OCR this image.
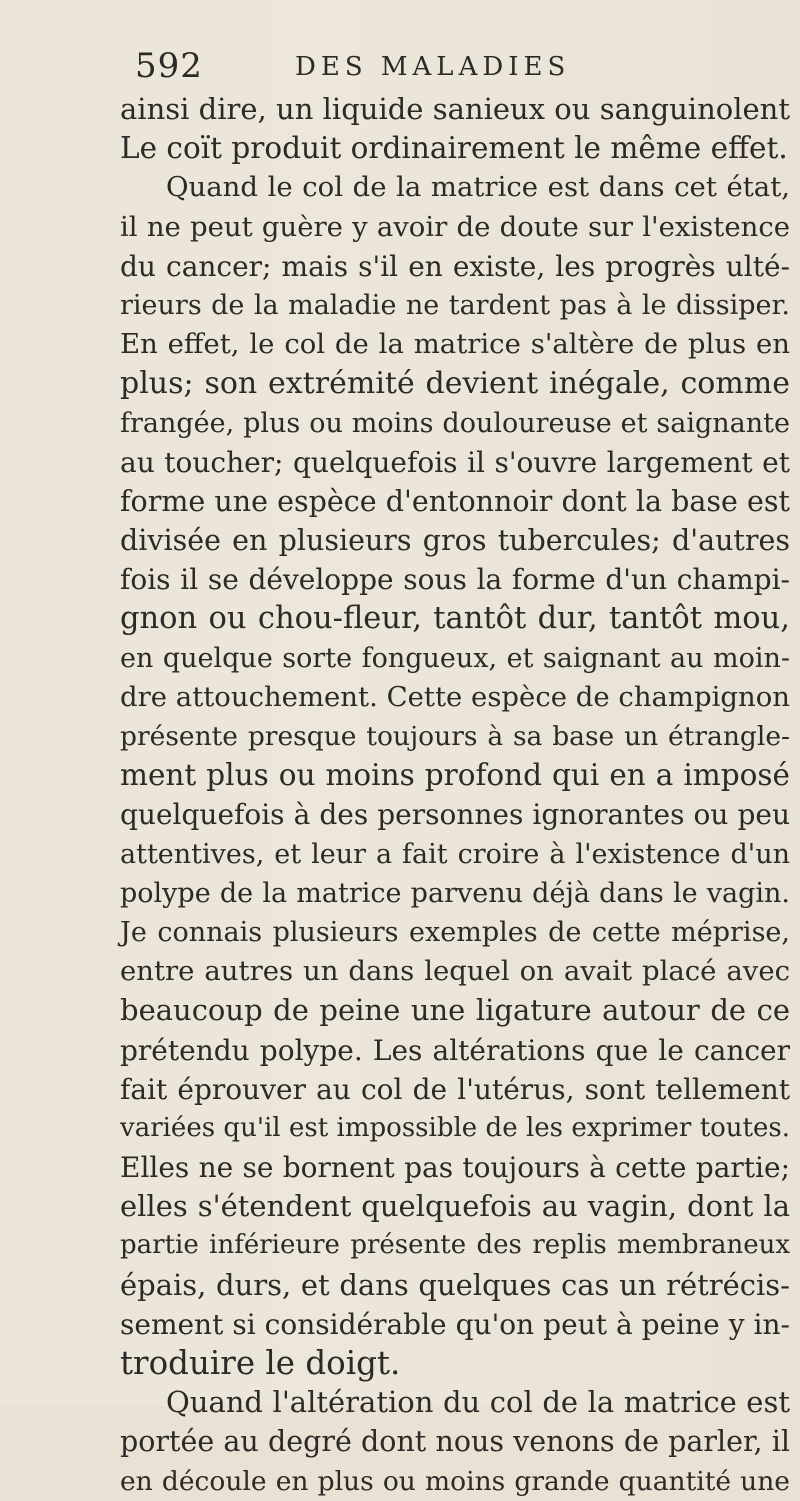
592	DES MALADIES
ainsi dire, un liquide sanieux ou sanguinolent
Le coït produit ordinairement le même effet.
Quand le col de la matrice est dans cet état,
il ne peut guère y avoir de doute sur l'existence
du cancer; mais s'il en existe, les progrès ulté-
rieurs de la maladie ne tardent pas à le dissiper.
En effet, le col de la matrice s'altère de plus en
plus; son extrémité devient inégale, comme
frangée, plus ou moins douloureuse et saignante
au toucher; quelquefois il s'ouvre largement et
forme une espèce d'entonnoir dont la base est
divisée en plusieurs gros tubercules; d'autres
fois il se développe sous la forme d'un champi-
gnon ou chou-fleur, tantôt dur, tantôt mou,
en quelque sorte fongueux, et saignant au moin-
dre attouchement. Cette espèce de champignon
présente presque toujours à sa base un étrangle-
ment plus ou moins profond qui en a imposé
quelquefois à des personnes ignorantes ou peu
attentives, et leur a fait croire à l'existence d'un
polype de la matrice parvenu déjà dans le vagin.
Je connais plusieurs exemples de cette méprise,
entre autres un dans lequel on avait placé avec
beaucoup de peine une ligature autour de ce
prétendu polype. Les altérations que le cancer
fait éprouver au col de l'utérus, sont tellement
variées qu'il est impossible de les exprimer toutes.
Elles ne se bornent pas toujours à cette partie;
elles s'étendent quelquefois au vagin, dont la
partie inférieure présente des replis membraneux
épais, durs, et dans quelques cas un rétrécis-
sement si considérable qu'on peut à peine y in-
troduire le doigt.
Quand l'altération du col de la matrice est
portée au degré dont nous venons de parler, il
en découle en plus ou moins grande quantité une
